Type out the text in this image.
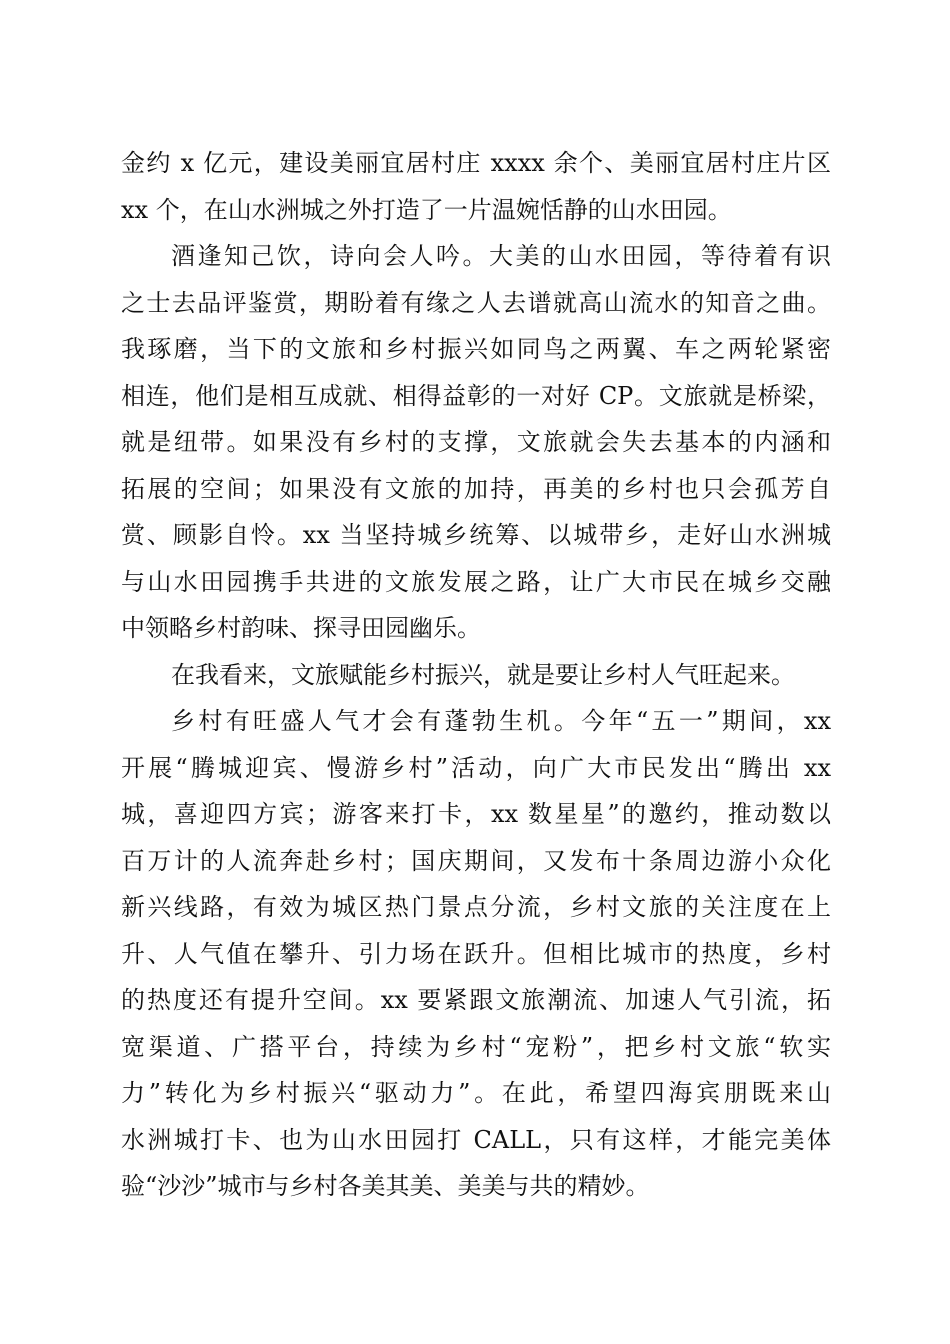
金约 x 亿元，建设美丽宜居村庄 xxxx 余个、美丽宜居村庄片区
xx 个，在山水洲城之外打造了一片温婉恬静的山水田园。
酒逢知己饮，诗向会人吟。大美的山水田园，等待着有识
之士去品评鉴赏，期盼着有缘之人去谱就高山流水的知音之曲。
我琢磨，当下的文旅和乡村振兴如同鸟之两翼、车之两轮紧密
相连，他们是相互成就、相得益彰的一对好 CP。文旅就是桥梁，
就是纽带。如果没有乡村的支撑，文旅就会失去基本的内涵和
拓展的空间；如果没有文旅的加持，再美的乡村也只会孤芳自
赏、顾影自怜。xx 当坚持城乡统筹、以城带乡，走好山水洲城
与山水田园携手共进的文旅发展之路，让广大市民在城乡交融
中领略乡村韵味、探寻田园幽乐。
在我看来，文旅赋能乡村振兴，就是要让乡村人气旺起来。
乡村有旺盛人气才会有蓬勃生机。今年“五一”期间，xx
开展“腾城迎宾、慢游乡村”活动，向广大市民发出“腾出 xx
城，喜迎四方宾；游客来打卡，xx 数星星”的邀约，推动数以
百万计的人流奔赴乡村；国庆期间，又发布十条周边游小众化
新兴线路，有效为城区热门景点分流，乡村文旅的关注度在上
升、人气值在攀升、引力场在跃升。但相比城市的热度，乡村
的热度还有提升空间。xx 要紧跟文旅潮流、加速人气引流，拓
宽渠道、广搭平台，持续为乡村“宠粉”，把乡村文旅“软实
力”转化为乡村振兴“驱动力”。在此，希望四海宾朋既来山
水洲城打卡、也为山水田园打 CALL，只有这样，才能完美体
验“沙沙”城市与乡村各美其美、美美与共的精妙。
